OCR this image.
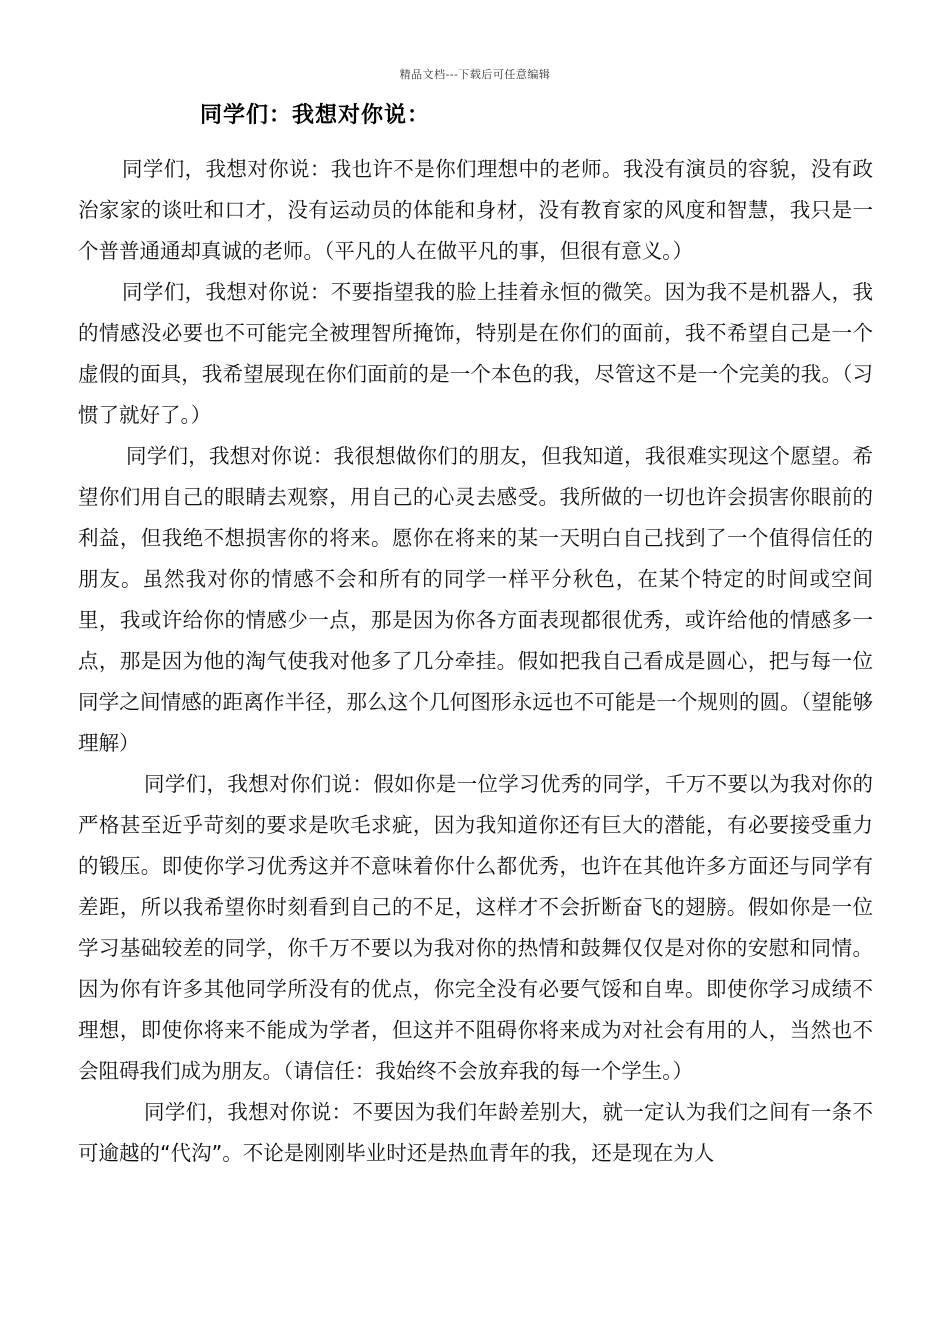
精品文档---下载后可任意编辑
同学们：我想对你说：

同学们，我想对你说：我也许不是你们理想中的老师。我没有演员的容貌，没有政治家家的谈吐和口才，没有运动员的体能和身材，没有教育家的风度和智慧，我只是一个普普通通却真诚的老师。（平凡的人在做平凡的事，但很有意义。）

同学们，我想对你说：不要指望我的脸上挂着永恒的微笑。因为我不是机器人，我的情感没必要也不可能完全被理智所掩饰，特别是在你们的面前，我不希望自己是一个虚假的面具，我希望展现在你们面前的是一个本色的我，尽管这不是一个完美的我。（习惯了就好了。）

同学们，我想对你说：我很想做你们的朋友，但我知道，我很难实现这个愿望。希望你们用自己的眼睛去观察，用自己的心灵去感受。我所做的一切也许会损害你眼前的利益，但我绝不想损害你的将来。愿你在将来的某一天明白自己找到了一个值得信任的朋友。虽然我对你的情感不会和所有的同学一样平分秋色，在某个特定的时间或空间里，我或许给你的情感少一点，那是因为你各方面表现都很优秀，或许给他的情感多一点，那是因为他的淘气使我对他多了几分牵挂。假如把我自己看成是圆心，把与每一位同学之间情感的距离作半径，那么这个几何图形永远也不可能是一个规则的圆。（望能够理解）

同学们，我想对你们说：假如你是一位学习优秀的同学，千万不要以为我对你的严格甚至近乎苛刻的要求是吹毛求疵，因为我知道你还有巨大的潜能，有必要接受重力的锻压。即使你学习优秀这并不意味着你什么都优秀，也许在其他许多方面还与同学有差距，所以我希望你时刻看到自己的不足，这样才不会折断奋飞的翅膀。假如你是一位学习基础较差的同学，你千万不要以为我对你的热情和鼓舞仅仅是对你的安慰和同情。因为你有许多其他同学所没有的优点，你完全没有必要气馁和自卑。即使你学习成绩不理想，即使你将来不能成为学者，但这并不阻碍你将来成为对社会有用的人，当然也不会阻碍我们成为朋友。（请信任：我始终不会放弃我的每一个学生。）

同学们，我想对你说：不要因为我们年龄差别大，就一定认为我们之间有一条不可逾越的“代沟”。不论是刚刚毕业时还是热血青年的我，还是现在为人
